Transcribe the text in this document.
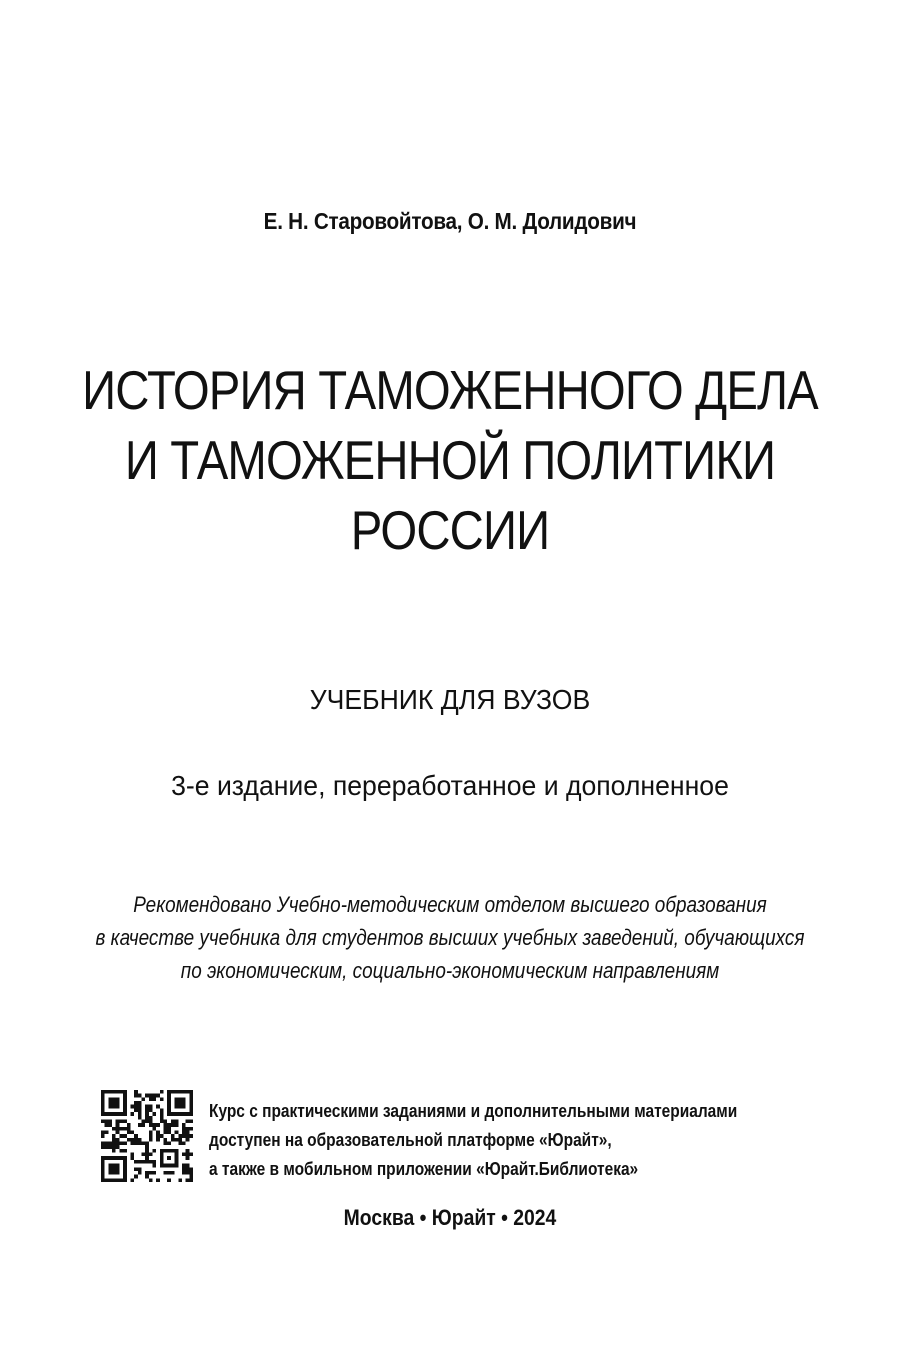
Е. Н. Старовойтова, О. М. Долидович
ИСТОРИЯ ТАМОЖЕННОГО ДЕЛА
И ТАМОЖЕННОЙ ПОЛИТИКИ
РОССИИ
УЧЕБНИК ДЛЯ ВУЗОВ
3-е издание, переработанное и дополненное
Рекомендовано Учебно-методическим отделом высшего образования
в качестве учебника для студентов высших учебных заведений, обучающихся
по экономическим, социально-экономическим направлениям
Курс с практическими заданиями и дополнительными материалами
доступен на образовательной платформе «Юрайт»,
а также в мобильном приложении «Юрайт.Библиотека»
Москва • Юрайт • 2024
